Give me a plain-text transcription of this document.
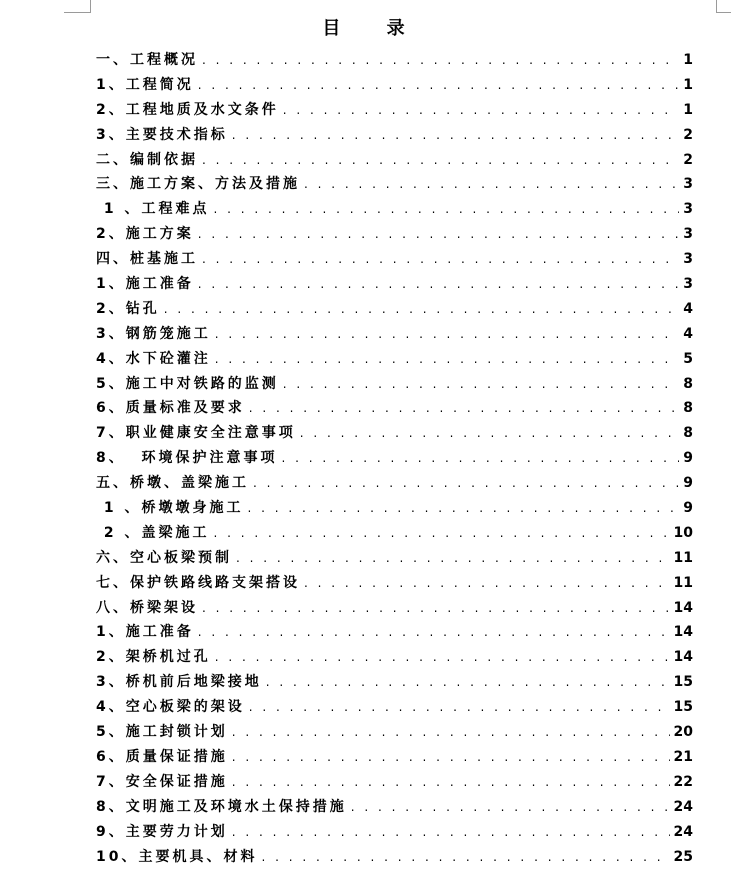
目 录
一、工程概况 . . .	1
1、工程简况 . . .	1
2、工程地质及水文条件 . . .	1
3、主要技术指标 . . .	2
二、编制依据 . . .	2
三、施工方案、方法及措施 . . .	3
1 、工程难点 . . .	3
2、施工方案 . . .	3
四、桩基施工 . . .	3
1、施工准备 . . .	3
2、钻孔 . . .	4
3、钢筋笼施工 . . .	4
4、水下砼灌注 . . .	5
5、施工中对铁路的监测 . . .	8
6、质量标准及要求 . . .	8
7、职业健康安全注意事项 . . .	8
8、  环境保护注意事项 . . .	9
五、桥墩、盖梁施工 . . .	9
1 、桥墩墩身施工 . . .	9
2 、盖梁施工 . . .	10
六、空心板梁预制 . . .	11
七、保护铁路线路支架搭设 . . .	11
八、桥梁架设 . . .	14
1、施工准备 . . .	14
2、架桥机过孔 . . .	14
3、桥机前后地梁接地 . . .	15
4、空心板梁的架设 . . .	15
5、施工封锁计划 . . .	20
6、质量保证措施 . . .	21
7、安全保证措施 . . .	22
8、文明施工及环境水土保持措施 . . .	24
9、主要劳力计划 . . .	24
10、主要机具、材料 . . .	25
